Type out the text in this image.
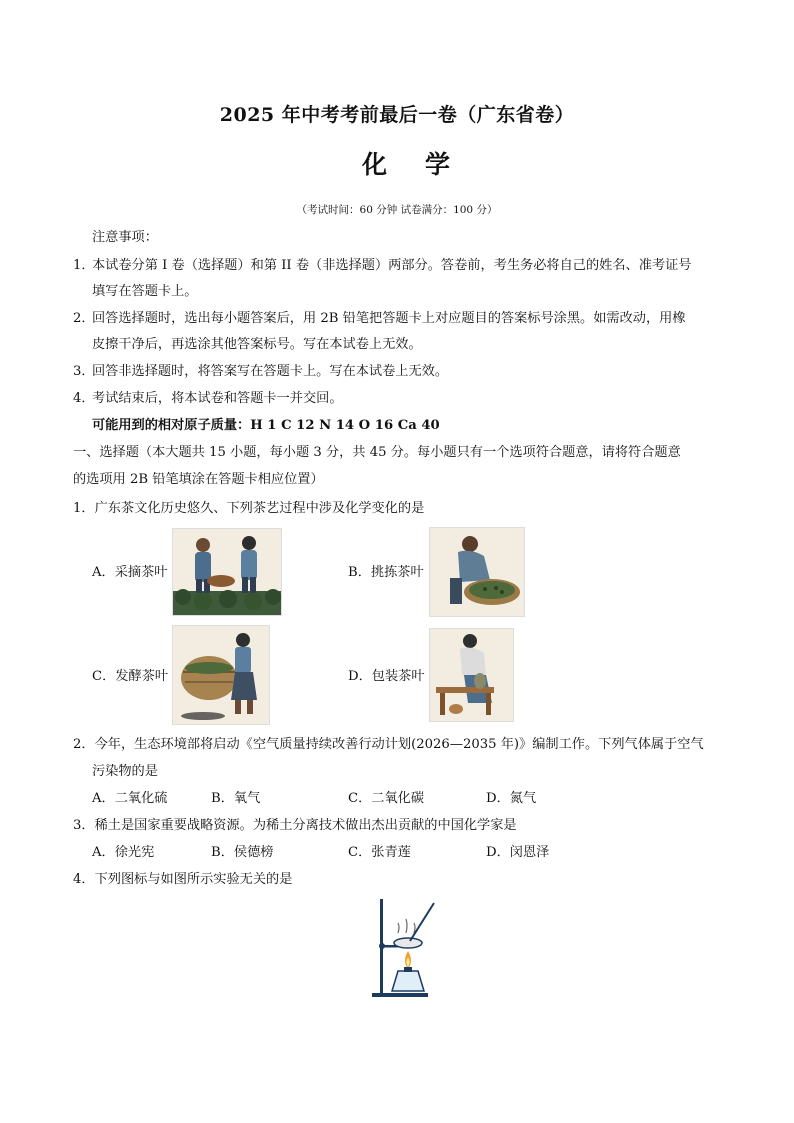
2025 年中考考前最后一卷（广东省卷）
化学
（考试时间：60 分钟 试卷满分：100 分）
注意事项：
1．
本试卷分第 I 卷（选择题）和第 II 卷（非选择题）两部分。答卷前，考生务必将自己的姓名、准考证号
填写在答题卡上。
2．
回答选择题时，选出每小题答案后，用 2B 铅笔把答题卡上对应题目的答案标号涂黑。如需改动，用橡
皮擦干净后，再选涂其他答案标号。写在本试卷上无效。
3．
回答非选择题时，将答案写在答题卡上。写在本试卷上无效。
4．
考试结束后，将本试卷和答题卡一并交回。
可能用到的相对原子质量：H 1 C 12 N 14 O 16 Ca 40
一、选择题（本大题共 15 小题，每小题 3 分，共 45 分。每小题只有一个选项符合题意，请将符合题意
的选项用 2B 铅笔填涂在答题卡相应位置）
1．广东茶文化历史悠久、下列茶艺过程中涉及化学变化的是
A．采摘茶叶	B．挑拣茶叶
C．发酵茶叶	D．包装茶叶
2．今年，生态环境部将启动《空气质量持续改善行动计划(2026—2035 年)》编制工作。下列气体属于空气
污染物的是
A．二氧化硫	B．氧气	C．二氧化碳	D．氮气
3．稀土是国家重要战略资源。为稀土分离技术做出杰出贡献的中国化学家是
A．徐光宪	B．侯德榜	C．张青莲	D．闵恩泽
4．下列图标与如图所示实验无关的是
